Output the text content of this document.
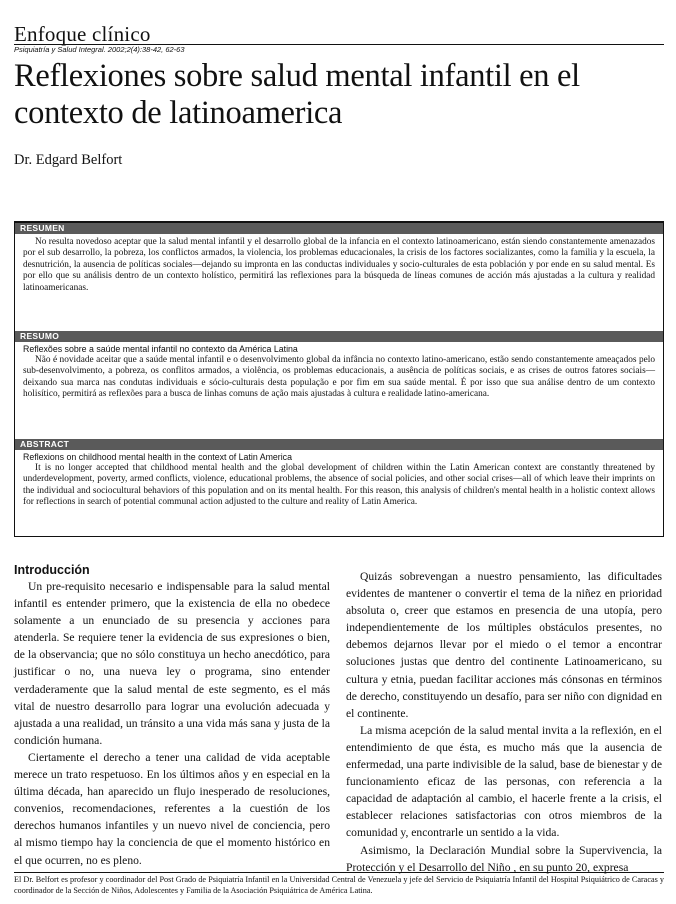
Enfoque clínico
Psiquiatría y Salud Integral. 2002;2(4):38-42, 62-63
Reflexiones sobre salud mental infantil en el contexto de latinoamerica
Dr. Edgard Belfort
RESUMEN

No resulta novedoso aceptar que la salud mental infantil y el desarrollo global de la infancia en el contexto latinoamericano, están siendo constantemente amenazados por el sub desarrollo, la pobreza, los conflictos armados, la violencia, los problemas educacionales, la crisis de los factores socializantes, como la familia y la escuela, la desnutrición, la ausencia de políticas sociales—dejando su impronta en las conductas individuales y socio-culturales de esta población y por ende en su salud mental. Es por ello que su análisis dentro de un contexto holístico, permitirá las reflexiones para la búsqueda de líneas comunes de acción más ajustadas a la cultura y realidad latinoamericanas.

RESUMO
Reflexões sobre a saúde mental infantil no contexto da América Latina

Não é novidade aceitar que a saúde mental infantil e o desenvolvimento global da infância no contexto latino-americano, estão sendo constantemente ameaçados pelo sub-desenvolvimento, a pobreza, os conflitos armados, a violência, os problemas educacionais, a ausência de políticas sociais, e as crises de outros fatores sociais—deixando sua marca nas condutas individuais e sócio-culturais desta população e por fim em sua saúde mental. É por isso que sua análise dentro de um contexto holisítico, permitirá as reflexões para a busca de linhas comuns de ação mais ajustadas à cultura e realidade latino-americana.

ABSTRACT
Reflexions on childhood mental health in the context of Latin America

It is no longer accepted that childhood mental health and the global development of children within the Latin American context are constantly threatened by underdevelopment, poverty, armed conflicts, violence, educational problems, the absence of social policies, and other social crises—all of which leave their imprints on the individual and sociocultural behaviors of this population and on its mental health. For this reason, this analysis of children's mental health in a holistic context allows for reflections in search of potential communal action adjusted to the culture and reality of Latin America.

Introducción

Un pre-requisito necesario e indispensable para la salud mental infantil es entender primero, que la existencia de ella no obedece solamente a un enunciado de su presencia y acciones para atenderla. Se requiere tener la evidencia de sus expresiones o bien, de la observancia; que no sólo constituya un hecho anecdótico, para justificar o no, una nueva ley o programa, sino entender verdaderamente que la salud mental de este segmento, es el más vital de nuestro desarrollo para lograr una evolución adecuada y ajustada a una realidad, un tránsito a una vida más sana y justa de la condición humana.

Ciertamente el derecho a tener una calidad de vida aceptable merece un trato respetuoso. En los últimos años y en especial en la última década, han aparecido un flujo inesperado de resoluciones, convenios, recomendaciones, referentes a la cuestión de los derechos humanos infantiles y un nuevo nivel de conciencia, pero al mismo tiempo hay la conciencia de que el momento histórico en el que ocurren, no es pleno.

Quizás sobrevengan a nuestro pensamiento, las dificultades evidentes de mantener o convertir el tema de la niñez en prioridad absoluta o, creer que estamos en presencia de una utopía, pero independientemente de los múltiples obstáculos presentes, no debemos dejarnos llevar por el miedo o el temor a encontrar soluciones justas que dentro del continente Latinoamericano, su cultura y etnia, puedan facilitar acciones más cónsonas en términos de derecho, constituyendo un desafío, para ser niño con dignidad en el continente.

La misma acepción de la salud mental invita a la reflexión, en el entendimiento de que ésta, es mucho más que la ausencia de enfermedad, una parte indivisible de la salud, base de bienestar y de funcionamiento eficaz de las personas, con referencia a la capacidad de adaptación al cambio, el hacerle frente a la crisis, el establecer relaciones satisfactorias con otros miembros de la comunidad y, encontrarle un sentido a la vida.

Asimismo, la Declaración Mundial sobre la Supervivencia, la Protección y el Desarrollo del Niño , en su punto 20, expresa

El Dr. Belfort es profesor y coordinador del Post Grado de Psiquiatría Infantil en la Universidad Central de Venezuela y jefe del Servicio de Psiquiatría Infantil del Hospital Psiquiátrico de Caracas y coordinador de la Sección de Niños, Adolescentes y Familia de la Asociación Psiquiátrica de América Latina.
